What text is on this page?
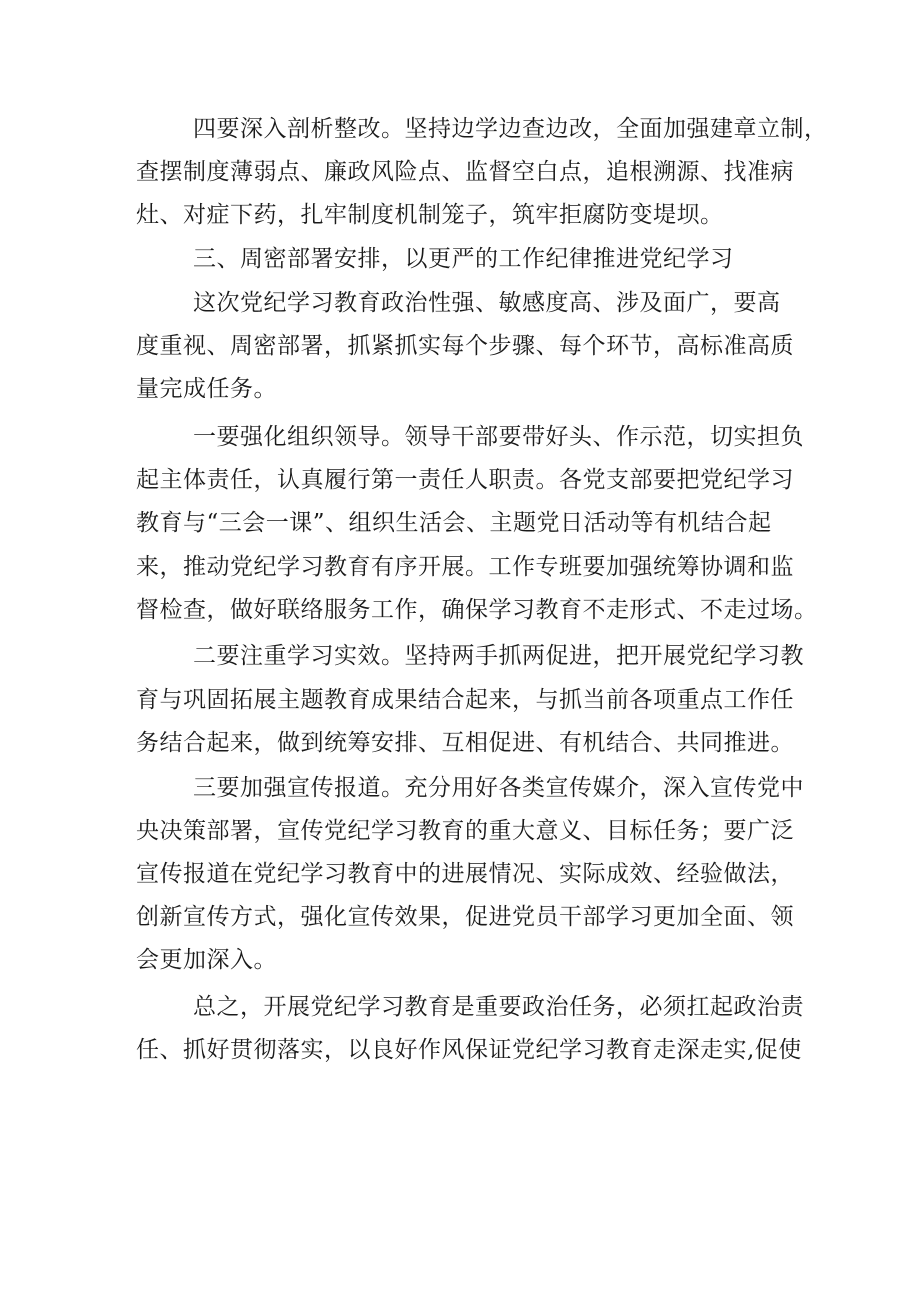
四要深入剖析整改。坚持边学边查边改，全面加强建章立制，
查摆制度薄弱点、廉政风险点、监督空白点，追根溯源、找准病
灶、对症下药，扎牢制度机制笼子，筑牢拒腐防变堤坝。
三、周密部署安排，以更严的工作纪律推进党纪学习
这次党纪学习教育政治性强、敏感度高、涉及面广，要高
度重视、周密部署，抓紧抓实每个步骤、每个环节，高标准高质
量完成任务。
一要强化组织领导。领导干部要带好头、作示范，切实担负
起主体责任，认真履行第一责任人职责。各党支部要把党纪学习
教育与“三会一课”、组织生活会、主题党日活动等有机结合起
来，推动党纪学习教育有序开展。工作专班要加强统筹协调和监
督检查，做好联络服务工作，确保学习教育不走形式、不走过场。
二要注重学习实效。坚持两手抓两促进，把开展党纪学习教
育与巩固拓展主题教育成果结合起来，与抓当前各项重点工作任
务结合起来，做到统筹安排、互相促进、有机结合、共同推进。
三要加强宣传报道。充分用好各类宣传媒介，深入宣传党中
央决策部署，宣传党纪学习教育的重大意义、目标任务；要广泛
宣传报道在党纪学习教育中的进展情况、实际成效、经验做法，
创新宣传方式，强化宣传效果，促进党员干部学习更加全面、领
会更加深入。
总之，开展党纪学习教育是重要政治任务，必须扛起政治责
任、抓好贯彻落实，以良好作风保证党纪学习教育走深走实,促使
